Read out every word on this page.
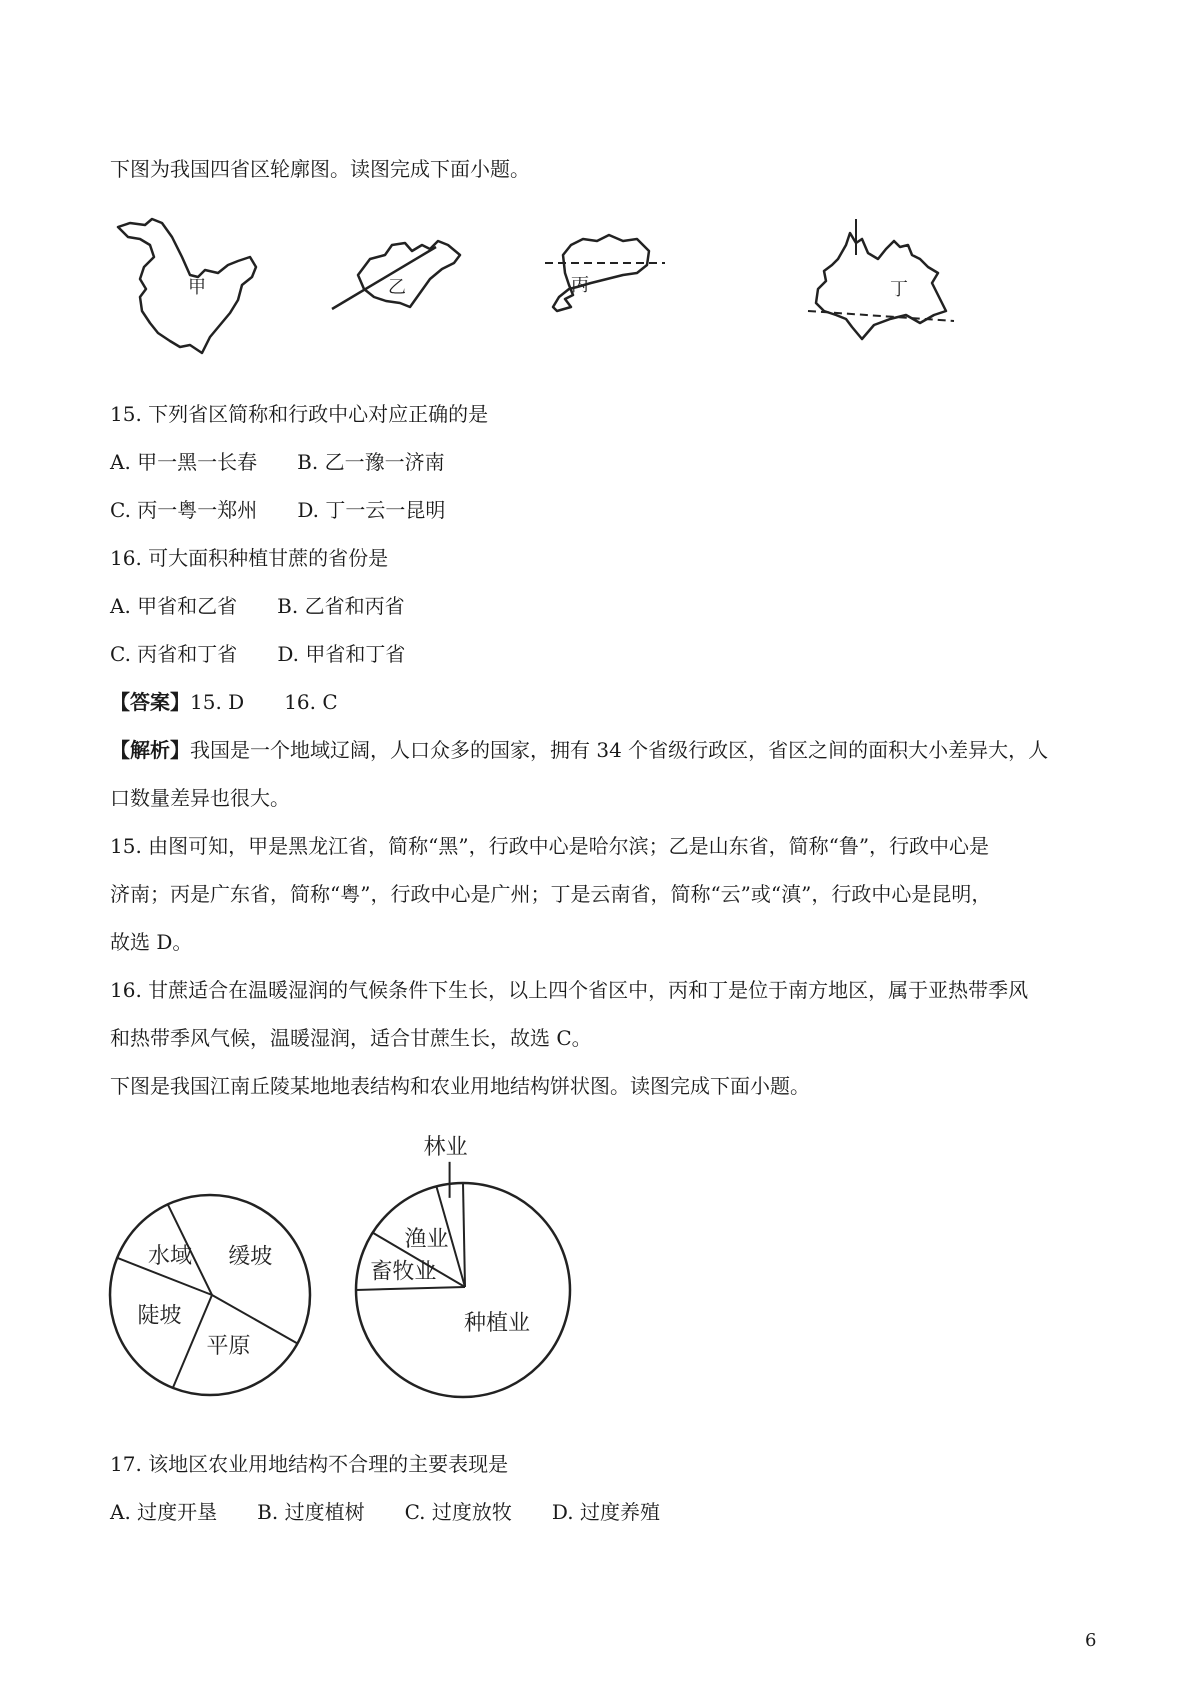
下图为我国四省区轮廓图。读图完成下面小题。
甲	乙	丙	丁
15. 下列省区简称和行政中心对应正确的是
A. 甲一黑一长春 B. 乙一豫一济南
C. 丙一粤一郑州 D. 丁一云一昆明
16. 可大面积种植甘蔗的省份是
A. 甲省和乙省 B. 乙省和丙省
C. 丙省和丁省 D. 甲省和丁省
【答案】15. D　　16. C
【解析】我国是一个地域辽阔，人口众多的国家，拥有 34 个省级行政区，省区之间的面积大小差异大，人
口数量差异也很大。
15. 由图可知，甲是黑龙江省，简称“黑”，行政中心是哈尔滨；乙是山东省，简称“鲁”，行政中心是
济南；丙是广东省，简称“粤”，行政中心是广州；丁是云南省，简称“云”或“滇”，行政中心是昆明，
故选 D。
16. 甘蔗适合在温暖湿润的气候条件下生长，以上四个省区中，丙和丁是位于南方地区，属于亚热带季风
和热带季风气候，温暖湿润，适合甘蔗生长，故选 C。
下图是我国江南丘陵某地地表结构和农业用地结构饼状图。读图完成下面小题。
缓坡
平原
陡坡
水域
种植业
畜牧业
渔业
林业
17. 该地区农业用地结构不合理的主要表现是
A. 过度开垦 B. 过度植树 C. 过度放牧 D. 过度养殖
6
